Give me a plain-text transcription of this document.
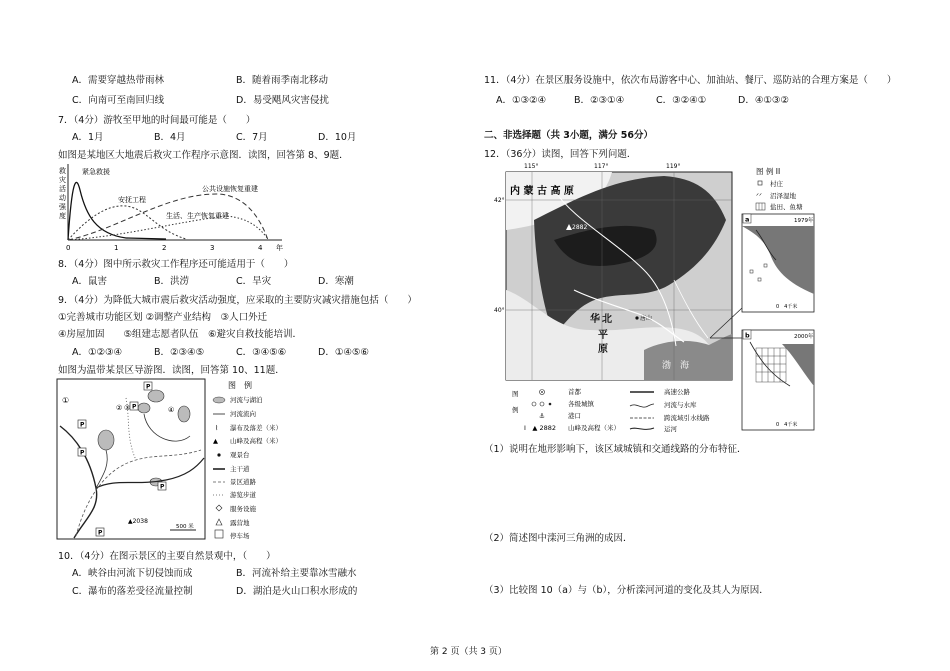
A．需要穿越热带雨林	B．随着雨季南北移动
C．向南可至南回归线	D．易受飓风灾害侵扰
7．（4分）游牧至甲地的时间最可能是（　　）
A．1月	B．4月	C．7月	D．10月
如图是某地区大地震后救灾工作程序示意图．读图，回答第 8、9题．
救
灾
活
动
强
度
紧急救援
安抚工程
公共设施恢复重建
生活、生产恢复重建
0	1	2	3	4 年
8．（4分）图中所示救灾工作程序还可能适用于（　　）
A．鼠害	B．洪涝	C．旱灾	D．寒潮
9．（4分）为降低大城市震后救灾活动强度，应采取的主要防灾减灾措施包括（　　）
①完善城市功能区划 ②调整产业结构　③人口外迁
④房屋加固　　⑤组建志愿者队伍　⑥避灾自救技能培训．
A．①②③④	B．②③④⑤	C．③④⑤⑥	D．①④⑤⑥
如图为温带某景区导游图．读图，回答第 10、11题．
①
② ③	④
P
P
P
P
P
P
▲2038
500 米
图　例
河流与湖泊
河流流向
⌇ 瀑布及落差（米）
▲ 山峰及高程（米）
观景台
主干道
景区道路
游览步道
服务设施
露营地
停车场
10．（4分）在图示景区的主要自然景观中，（　　）
A．峡谷由河流下切侵蚀而成	B．河流补给主要靠冰雪融水
C．瀑布的落差受径流量控制	D．湖泊是火山口积水形成的
11．（4分）在景区服务设施中，依次布局游客中心、加油站、餐厅、巡防站的合理方案是（　　）
A．①③②④	B．②③①④	C．③②④①	D．④①③②
二、非选择题（共 3小题，满分 56分）
12．（36分）读图，回答下列问题．
115°	117°	119°
42°
40°
内 蒙 古 高 原
华 北
平
原
渤　海
唐山
2882
图 例 II
村庄
ᐟᐟ 沼泽湿地
盐田、鱼塘
1979年
a
0　4千米
2000年
b
0　4千米
图
例
首都
各级城镇
⚓	港口
I　▲ 2882 山峰及高程（米）
高速公路
河流与水库
跨流域引水线路
运河
（1）说明在地形影响下，该区域城镇和交通线路的分布特征．
（2）简述图中滦河三角洲的成因．
（3）比较图 10（a）与（b），分析滦河河道的变化及其人为原因．
第 2 页（共 3 页）
